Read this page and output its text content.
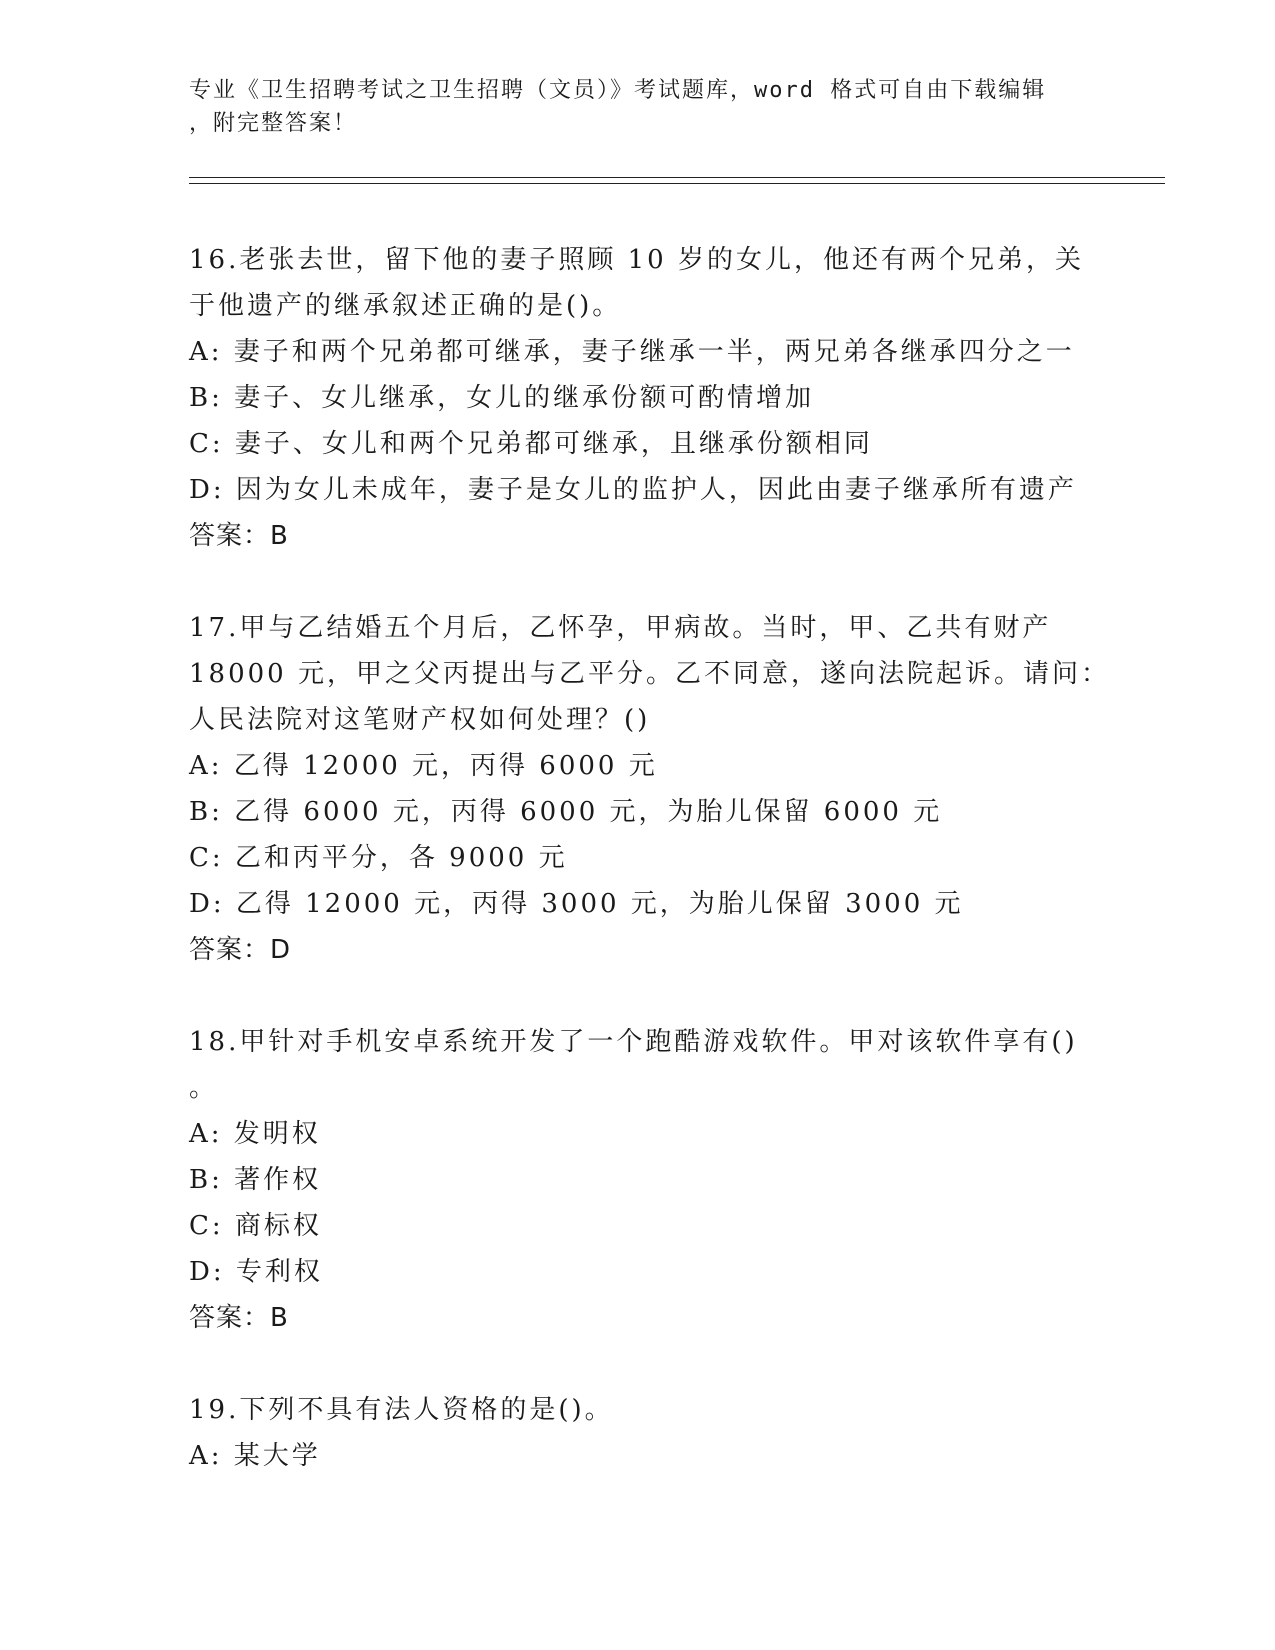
专业《卫生招聘考试之卫生招聘（文员）》考试题库，word 格式可自由下载编辑
，附完整答案！
16.老张去世，留下他的妻子照顾 10 岁的女儿，他还有两个兄弟，关
于他遗产的继承叙述正确的是()。
A: 妻子和两个兄弟都可继承，妻子继承一半，两兄弟各继承四分之一
B: 妻子、女儿继承，女儿的继承份额可酌情增加
C: 妻子、女儿和两个兄弟都可继承，且继承份额相同
D: 因为女儿未成年，妻子是女儿的监护人，因此由妻子继承所有遗产
答案：B
17.甲与乙结婚五个月后，乙怀孕，甲病故。当时，甲、乙共有财产
18000 元，甲之父丙提出与乙平分。乙不同意，遂向法院起诉。请问：
人民法院对这笔财产权如何处理？()
A: 乙得 12000 元，丙得 6000 元
B: 乙得 6000 元，丙得 6000 元，为胎儿保留 6000 元
C: 乙和丙平分，各 9000 元
D: 乙得 12000 元，丙得 3000 元，为胎儿保留 3000 元
答案：D
18.甲针对手机安卓系统开发了一个跑酷游戏软件。甲对该软件享有()
。
A: 发明权
B: 著作权
C: 商标权
D: 专利权
答案：B
19.下列不具有法人资格的是()。
A: 某大学
